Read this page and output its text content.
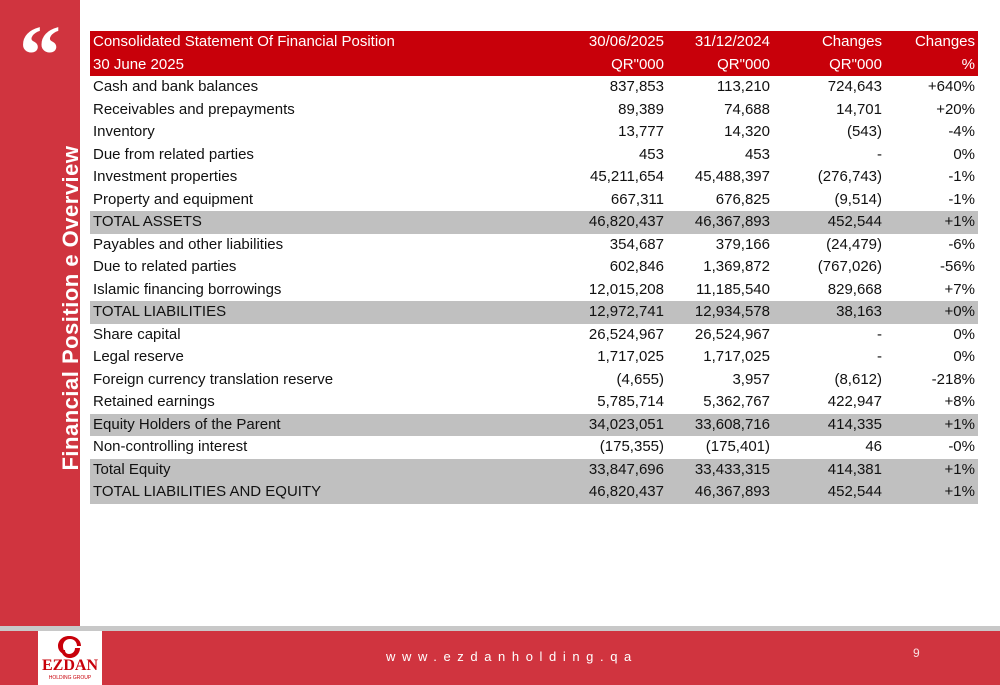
“
Financial Position e Overview
Consolidated Statement Of Financial Position	30/06/2025	31/12/2024	Changes	Changes
30 June 2025	QR"000	QR"000	QR"000	%
Cash and bank balances	837,853	113,210	724,643	+640%
Receivables and prepayments	89,389	74,688	14,701	+20%
Inventory	13,777	14,320	(543)	-4%
Due from related parties	453	453	-	0%
Investment properties	45,211,654	45,488,397	(276,743)	-1%
Property and equipment	667,311	676,825	(9,514)	-1%
TOTAL ASSETS	46,820,437	46,367,893	452,544	+1%
Payables and other liabilities	354,687	379,166	(24,479)	-6%
Due to related parties	602,846	1,369,872	(767,026)	-56%
Islamic financing borrowings	12,015,208	11,185,540	829,668	+7%
TOTAL LIABILITIES	12,972,741	12,934,578	38,163	+0%
Share capital	26,524,967	26,524,967	-	0%
Legal reserve	1,717,025	1,717,025	-	0%
Foreign currency translation reserve	(4,655)	3,957	(8,612)	-218%
Retained earnings	5,785,714	5,362,767	422,947	+8%
Equity Holders of the Parent	34,023,051	33,608,716	414,335	+1%
Non-controlling interest	(175,355)	(175,401)	46	-0%
Total Equity	33,847,696	33,433,315	414,381	+1%
TOTAL LIABILITIES AND EQUITY	46,820,437	46,367,893	452,544	+1%
EZDAN
HOLDING GROUP
www.ezdanholding.qa	9
